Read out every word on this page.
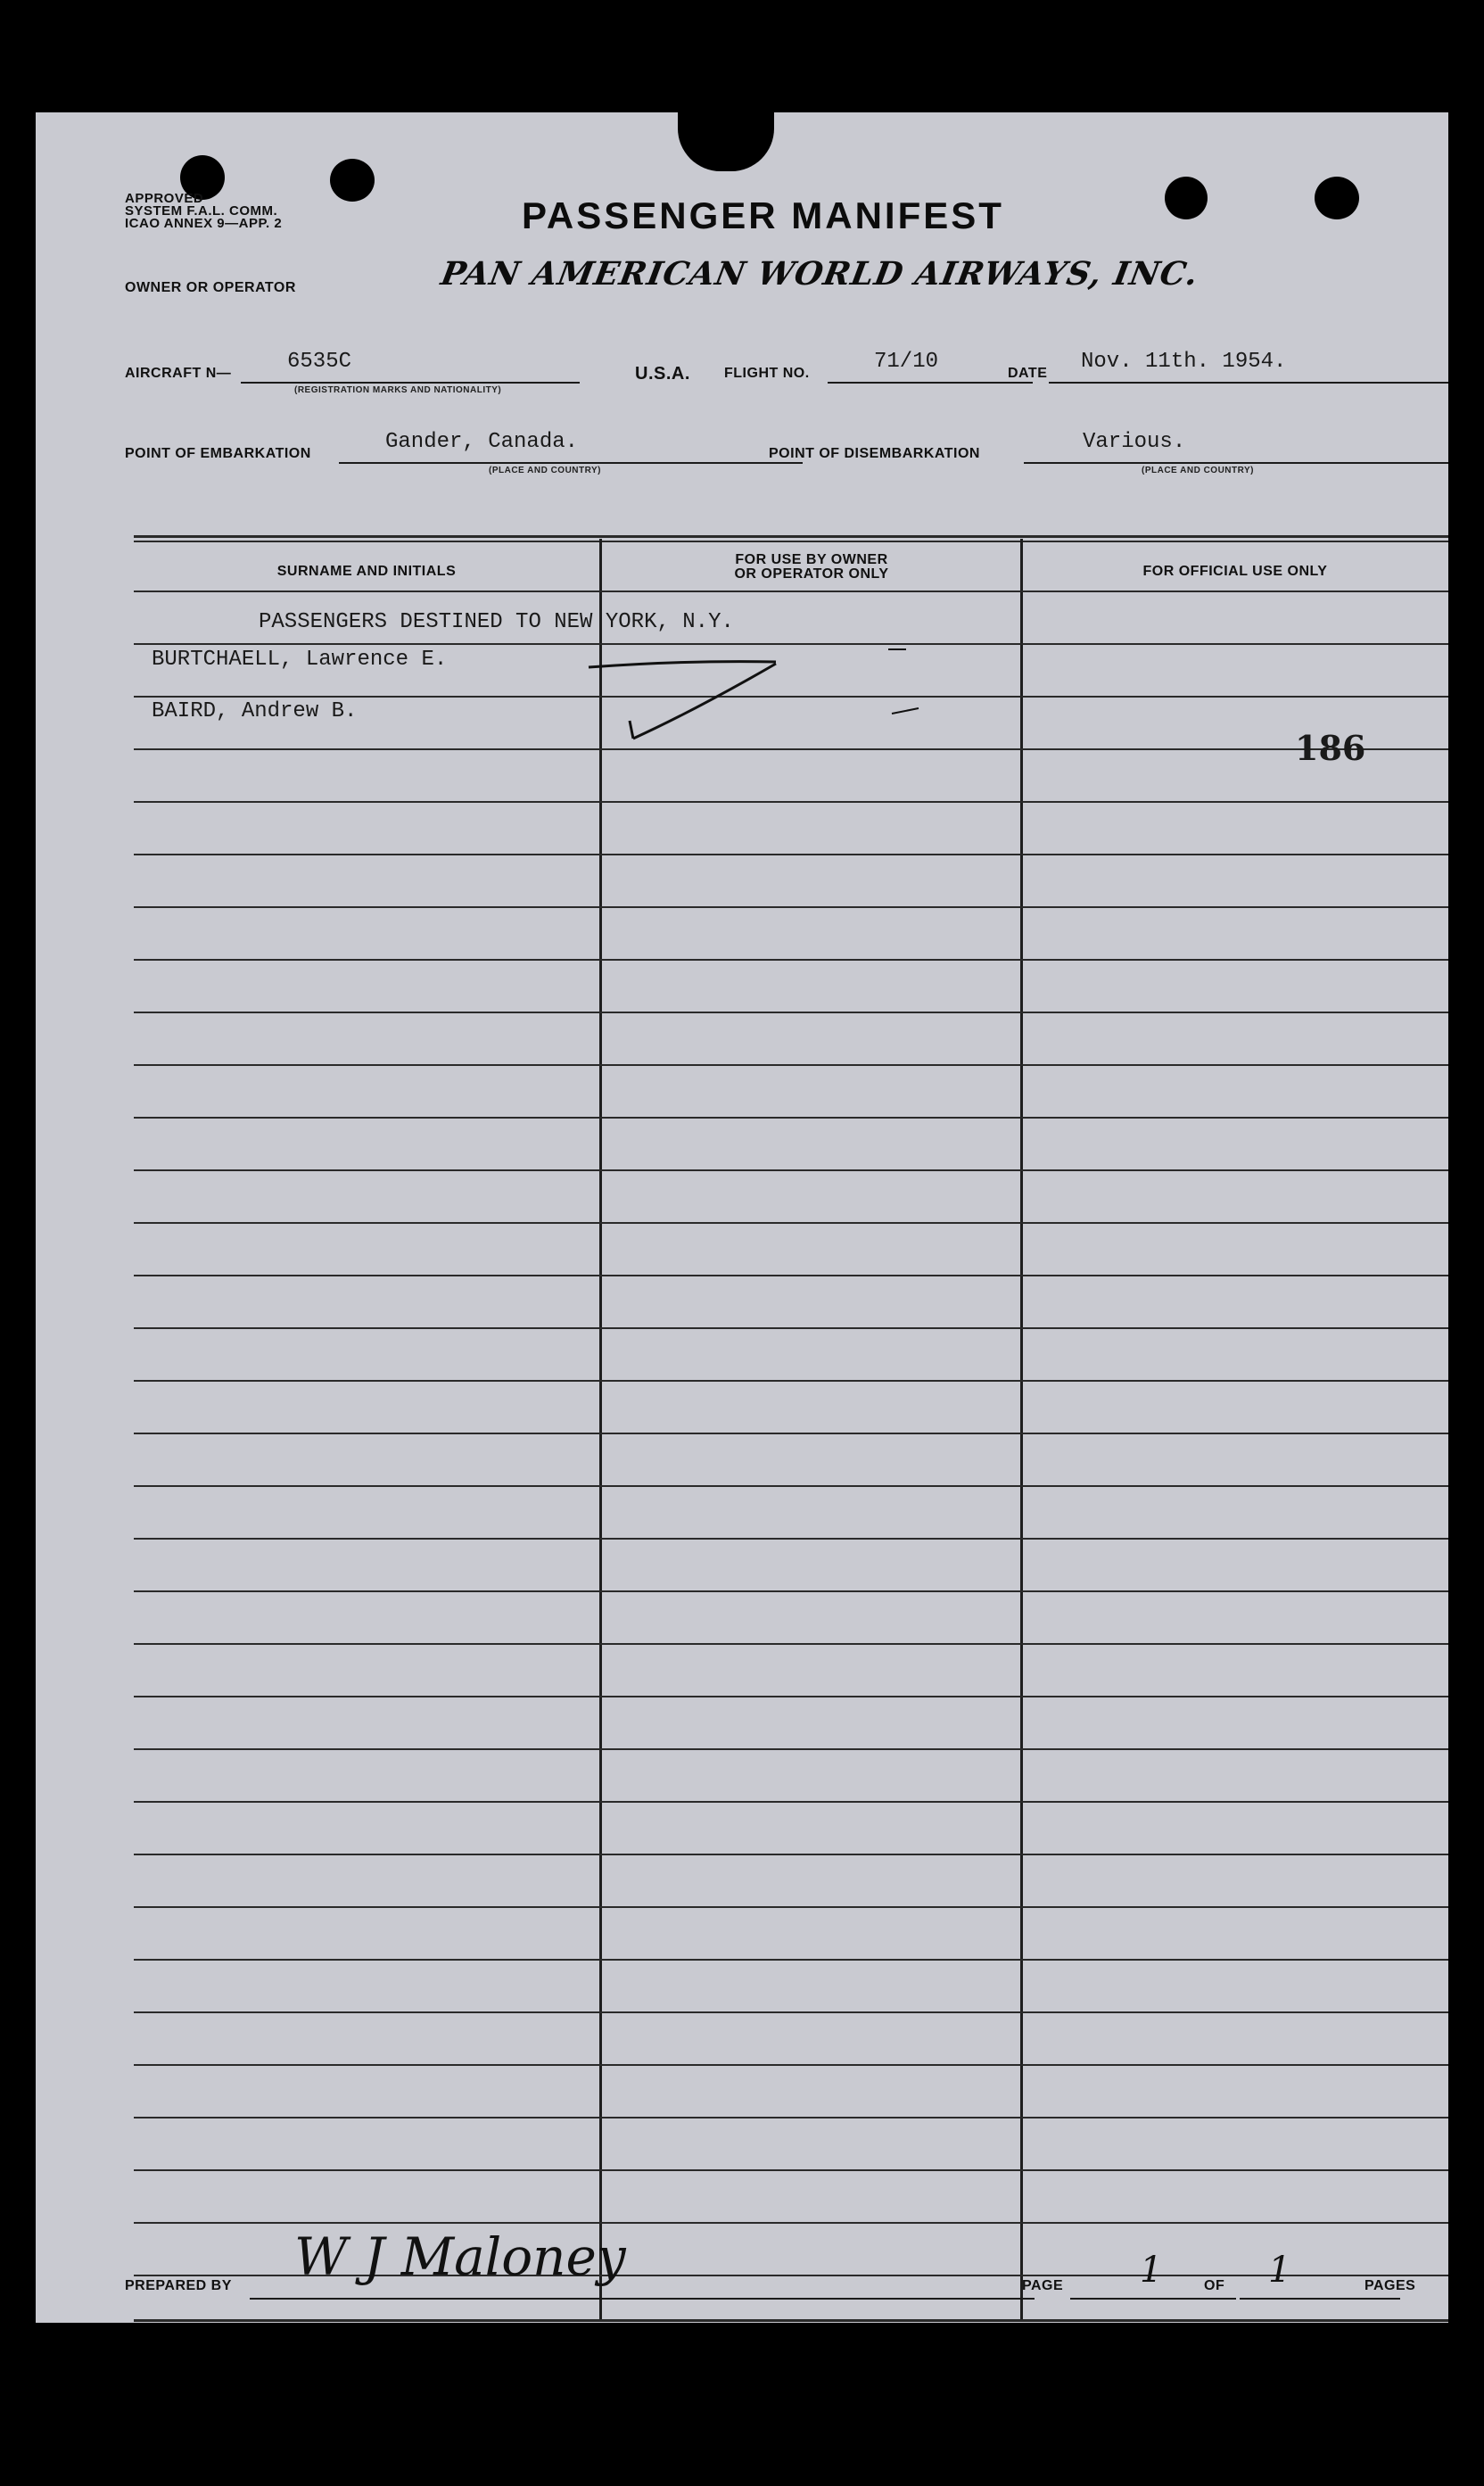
APPROVED
SYSTEM F.A.L. COMM.
ICAO ANNEX 9—APP. 2	PASSENGER MANIFEST
OWNER OR OPERATOR	PAN AMERICAN WORLD AIRWAYS, INC.
AIRCRAFT N—	6535C
(REGISTRATION MARKS AND NATIONALITY)
U.S.A. FLIGHT NO.	71/10	DATE Nov. 11th. 1954.
POINT OF EMBARKATION	Gander, Canada.
(PLACE AND COUNTRY)
POINT OF DISEMBARKATION	Various.
(PLACE AND COUNTRY)
SURNAME AND INITIALS
FOR USE BY OWNER OR OPERATOR ONLY	FOR OFFICIAL USE ONLY
PASSENGERS DESTINED TO NEW YORK, N.Y.
BURTCHAELL, Lawrence E.
BAIRD, Andrew B.
186
PREPARED BY W J Maloney	PAGE 1	OF 1	PAGES
